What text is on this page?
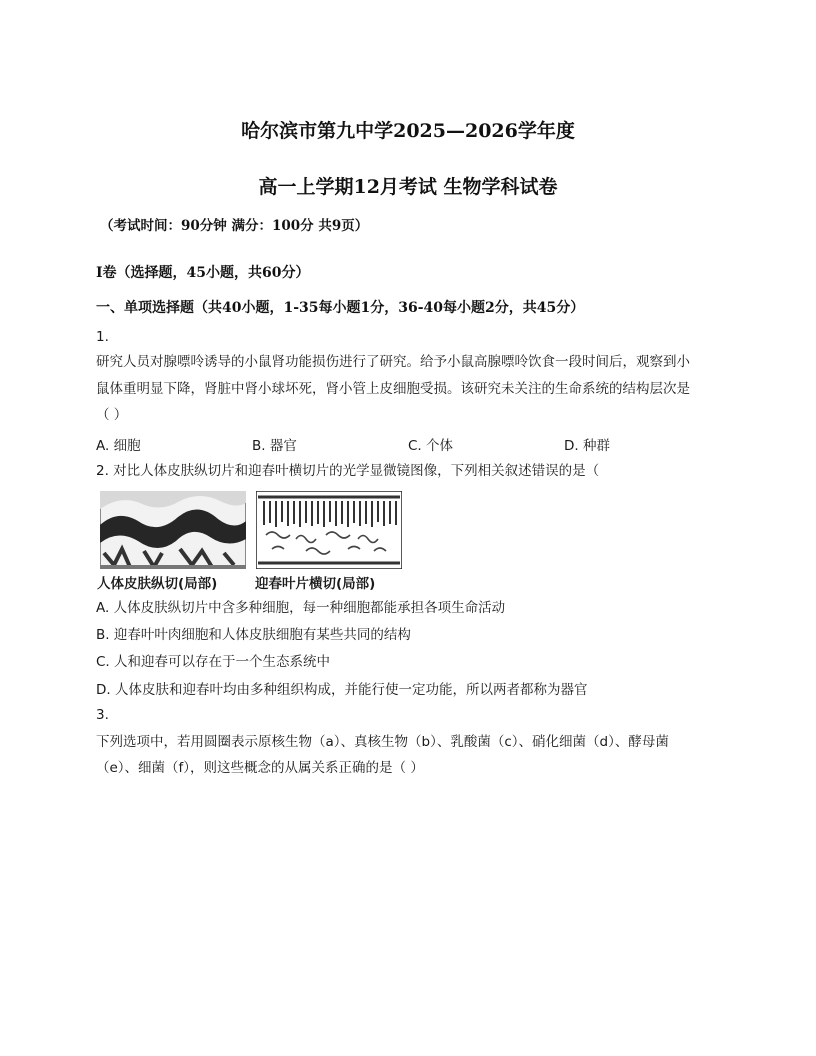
哈尔滨市第九中学2025—2026学年度
高一上学期12月考试 生物学科试卷
（考试时间：90分钟 满分：100分 共9页）
I卷（选择题，45小题，共60分）
一、单项选择题（共40小题，1-35每小题1分，36-40每小题2分，共45分）
1.
研究人员对腺嘌呤诱导的小鼠肾功能损伤进行了研究。给予小鼠高腺嘌呤饮食一段时间后，观察到小
鼠体重明显下降，肾脏中肾小球坏死，肾小管上皮细胞受损。该研究未关注的生命系统的结构层次是
（ ）
A. 细胞	B. 器官	C. 个体	D. 种群
2. 对比人体皮肤纵切片和迎春叶横切片的光学显微镜图像，下列相关叙述错误的是（
人体皮肤纵切(局部)	迎春叶片横切(局部)
A. 人体皮肤纵切片中含多种细胞，每一种细胞都能承担各项生命活动
B. 迎春叶叶肉细胞和人体皮肤细胞有某些共同的结构
C. 人和迎春可以存在于一个生态系统中
D. 人体皮肤和迎春叶均由多种组织构成，并能行使一定功能，所以两者都称为器官
3.
下列选项中，若用圆圈表示原核生物（a）、真核生物（b）、乳酸菌（c）、硝化细菌（d）、酵母菌
（e）、细菌（f），则这些概念的从属关系正确的是（ ）
